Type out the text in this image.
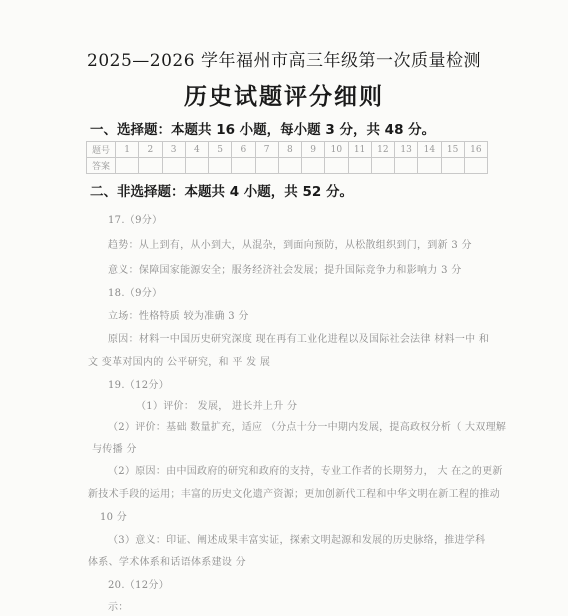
2025—2026 学年福州市高三年级第一次质量检测
历史试题评分细则
一、选择题：本题共 16 小题，每小题 3 分，共 48 分。
题号	1	2	3	4	5	6	7	8	9	10	11	12	13	14	15	16
答案																
二、非选择题：本题共 4 小题，共 52 分。
17.（9分）
趋势：从上到有，从小到大，从混杂，到面向预防，从松散组织到门，到新 3 分
意义：保障国家能源安全；服务经济社会发展；提升国际竞争力和影响力 3 分
18.（9分）
立场：性格特质 较为准确 3 分
原因：材料一中国历史研究深度 现在再有工业化进程以及国际社会法律 材料一中 和
文 变革对国内的 公平研究，和 平 发 展
19.（12分）
（1）评价： 发展， 进长并上升 分
（2）评价：基础 数量扩充，适应 （分点十分一中期内发展，提高政权分析（ 大双理解
与传播 分
（2）原因：由中国政府的研究和政府的支持，专业工作者的长期努力， 大 在之的更新
新技术手段的运用；丰富的历史文化遗产资源；更加创新代工程和中华文明在新工程的推动
10 分
（3）意义：印证、阐述成果丰富实证，探索文明起源和发展的历史脉络，推进学科
体系、学术体系和话语体系建设 分
20.（12分）
示：
